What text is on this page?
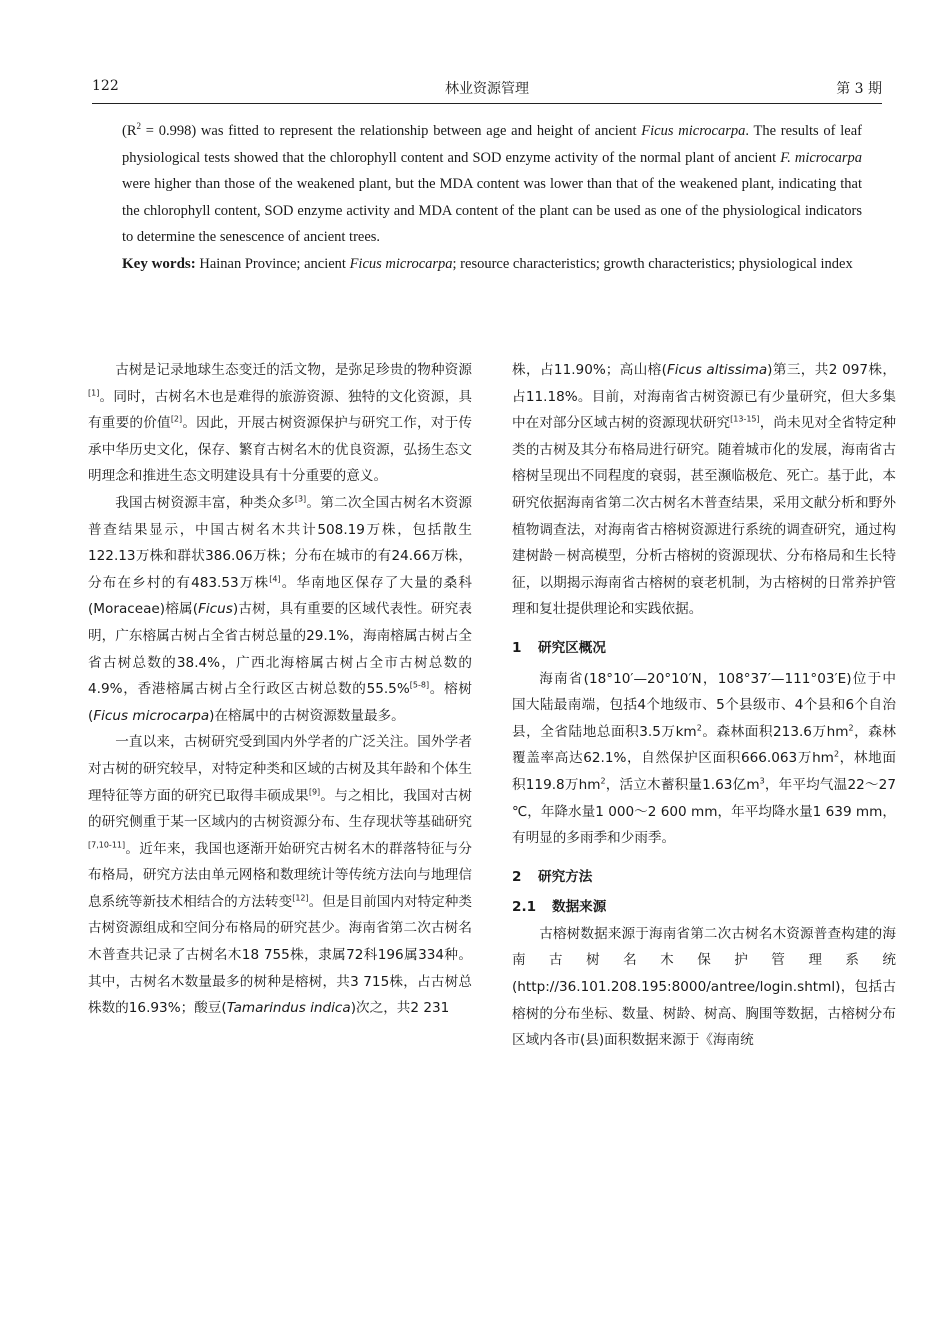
122	林业资源管理	第 3 期
$(R^2 = 0.998)$ was fitted to represent the relationship between age and height of ancient Ficus microcarpa. The results of leaf physiological tests showed that the chlorophyll content and SOD enzyme activity of the normal plant of ancient F. microcarpa were higher than those of the weakened plant, but the MDA content was lower than that of the weakened plant, indicating that the chlorophyll content, SOD enzyme activity and MDA content of the plant can be used as one of the physiological indicators to determine the senescence of ancient trees.
Key words: Hainan Province; ancient Ficus microcarpa; resource characteristics; growth characteristics; physiological index

古树是记录地球生态变迁的活文物，是弥足珍贵的物种资源[1]。同时，古树名木也是难得的旅游资源、独特的文化资源，具有重要的价值[2]。因此，开展古树资源保护与研究工作，对于传承中华历史文化，保存、繁育古树名木的优良资源，弘扬生态文明理念和推进生态文明建设具有十分重要的意义。

我国古树资源丰富，种类众多[3]。第二次全国古树名木资源普查结果显示，中国古树名木共计508.19万株，包括散生122.13万株和群状386.06万株；分布在城市的有24.66万株，分布在乡村的有483.53万株[4]。华南地区保存了大量的桑科(Moraceae)榕属(Ficus)古树，具有重要的区域代表性。研究表明，广东榕属古树占全省古树总量的29.1%，海南榕属古树占全省古树总数的38.4%，广西北海榕属古树占全市古树总数的4.9%，香港榕属古树占全行政区古树总数的55.5%[5-8]。榕树(Ficus microcarpa)在榕属中的古树资源数量最多。

一直以来，古树研究受到国内外学者的广泛关注。国外学者对古树的研究较早，对特定种类和区域的古树及其年龄和个体生理特征等方面的研究已取得丰硕成果[9]。与之相比，我国对古树的研究侧重于某一区域内的古树资源分布、生存现状等基础研究[7,10-11]。近年来，我国也逐渐开始研究古树名木的群落特征与分布格局，研究方法由单元网格和数理统计等传统方法向与地理信息系统等新技术相结合的方法转变[12]。但是目前国内对特定种类古树资源组成和空间分布格局的研究甚少。海南省第二次古树名木普查共记录了古树名木18 755株，隶属72科196属334种。其中，古树名木数量最多的树种是榕树，共3 715株，占古树总株数的16.93%；酸豆(Tamarindus indica)次之，共2 231

株，占11.90%；高山榕(Ficus altissima)第三，共2 097株，占11.18%。目前，对海南省古树资源已有少量研究，但大多集中在对部分区域古树的资源现状研究[13-15]，尚未见对全省特定种类的古树及其分布格局进行研究。随着城市化的发展，海南省古榕树呈现出不同程度的衰弱，甚至濒临极危、死亡。基于此，本研究依据海南省第二次古树名木普查结果，采用文献分析和野外植物调查法，对海南省古榕树资源进行系统的调查研究，通过构建树龄－树高模型，分析古榕树的资源现状、分布格局和生长特征，以期揭示海南省古榕树的衰老机制，为古榕树的日常养护管理和复壮提供理论和实践依据。

1 研究区概况

海南省(18°10′—20°10′N，108°37′—111°03′E)位于中国大陆最南端，包括4个地级市、5个县级市、4个县和6个自治县，全省陆地总面积3.5万$km^2$。森林面积213.6万$hm^2$，森林覆盖率高达62.1%，自然保护区面积666.063万$hm^2$，林地面积119.8万$hm^2$，活立木蓄积量1.63亿$m^3$，年平均气温22～27 ℃，年降水量1 000～2 600 mm，年平均降水量1 639 mm，有明显的多雨季和少雨季。

2 研究方法
2.1 数据来源

古榕树数据来源于海南省第二次古树名木资源普查构建的海南古树名木保护管理系统(http://36.101.208.195:8000/antree/login.shtml)，包括古榕树的分布坐标、数量、树龄、树高、胸围等数据，古榕树分布区域内各市(县)面积数据来源于《海南统
